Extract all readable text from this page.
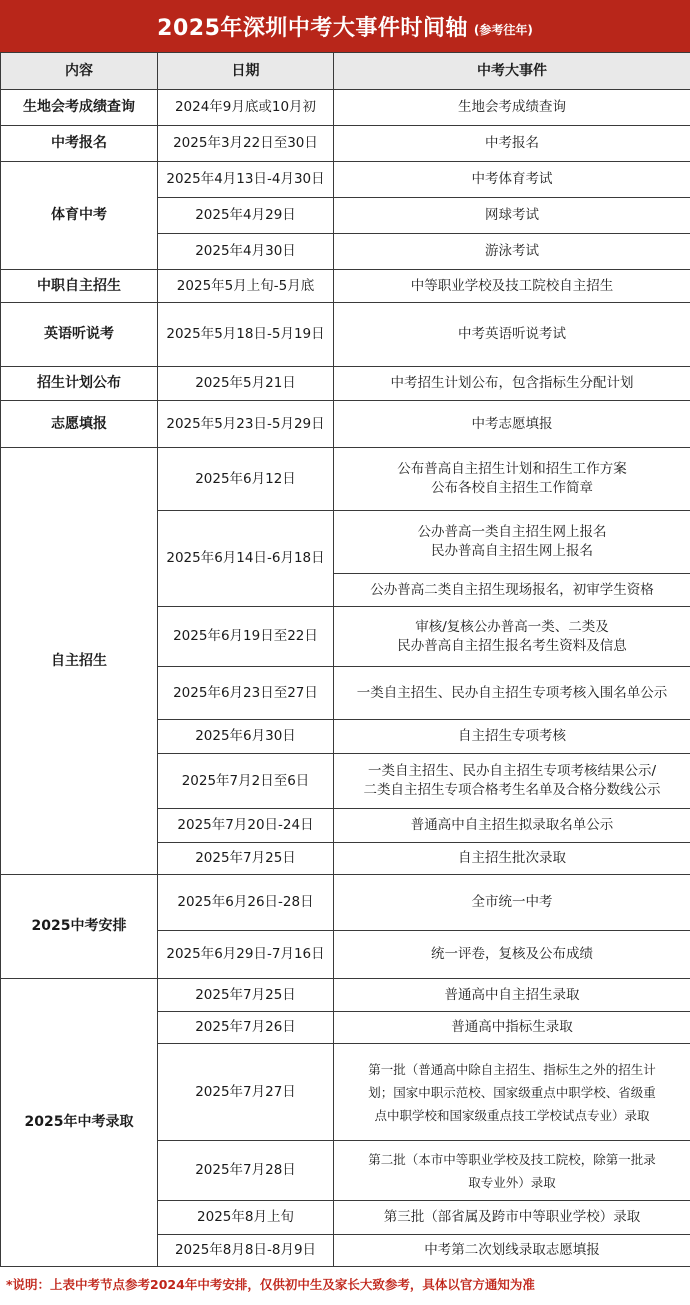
2025年深圳中考大事件时间轴 (参考往年)
内容	日期	中考大事件
生地会考成绩查询	2024年9月底或10月初	生地会考成绩查询
中考报名	2025年3月22日至30日	中考报名
体育中考	2025年4月13日-4月30日	中考体育考试
	2025年4月29日	网球考试
	2025年4月30日	游泳考试
中职自主招生	2025年5月上旬-5月底	中等职业学校及技工院校自主招生
英语听说考	2025年5月18日-5月19日	中考英语听说考试
招生计划公布	2025年5月21日	中考招生计划公布，包含指标生分配计划
志愿填报	2025年5月23日-5月29日	中考志愿填报
自主招生	2025年6月12日	公布普高自主招生计划和招生工作方案
公布各校自主招生工作简章

	2025年6月14日-6月18日	公办普高一类自主招生网上报名
民办普高自主招生网上报名

		公办普高二类自主招生现场报名，初审学生资格
	2025年6月19日至22日	审核/复核公办普高一类、二类及
民办普高自主招生报名考生资料及信息

	2025年6月23日至27日	一类自主招生、民办自主招生专项考核入围名单公示
	2025年6月30日	自主招生专项考核
	2025年7月2日至6日	一类自主招生、民办自主招生专项考核结果公示/
二类自主招生专项合格考生名单及合格分数线公示

	2025年7月20日-24日	普通高中自主招生拟录取名单公示
	2025年7月25日	自主招生批次录取
2025中考安排	2025年6月26日-28日	全市统一中考
	2025年6月29日-7月16日	统一评卷，复核及公布成绩
2025年中考录取	2025年7月25日	普通高中自主招生录取
	2025年7月26日	普通高中指标生录取
	2025年7月27日	第一批（普通高中除自主招生、指标生之外的招生计
划；国家中职示范校、国家级重点中职学校、省级重
点中职学校和国家级重点技工学校试点专业）录取

	2025年7月28日	第二批（本市中等职业学校及技工院校，除第一批录
取专业外）录取

	2025年8月上旬	第三批（部省属及跨市中等职业学校）录取
	2025年8月8日-8月9日	中考第二次划线录取志愿填报
*说明：上表中考节点参考2024年中考安排，仅供初中生及家长大致参考，具体以官方通知为准
